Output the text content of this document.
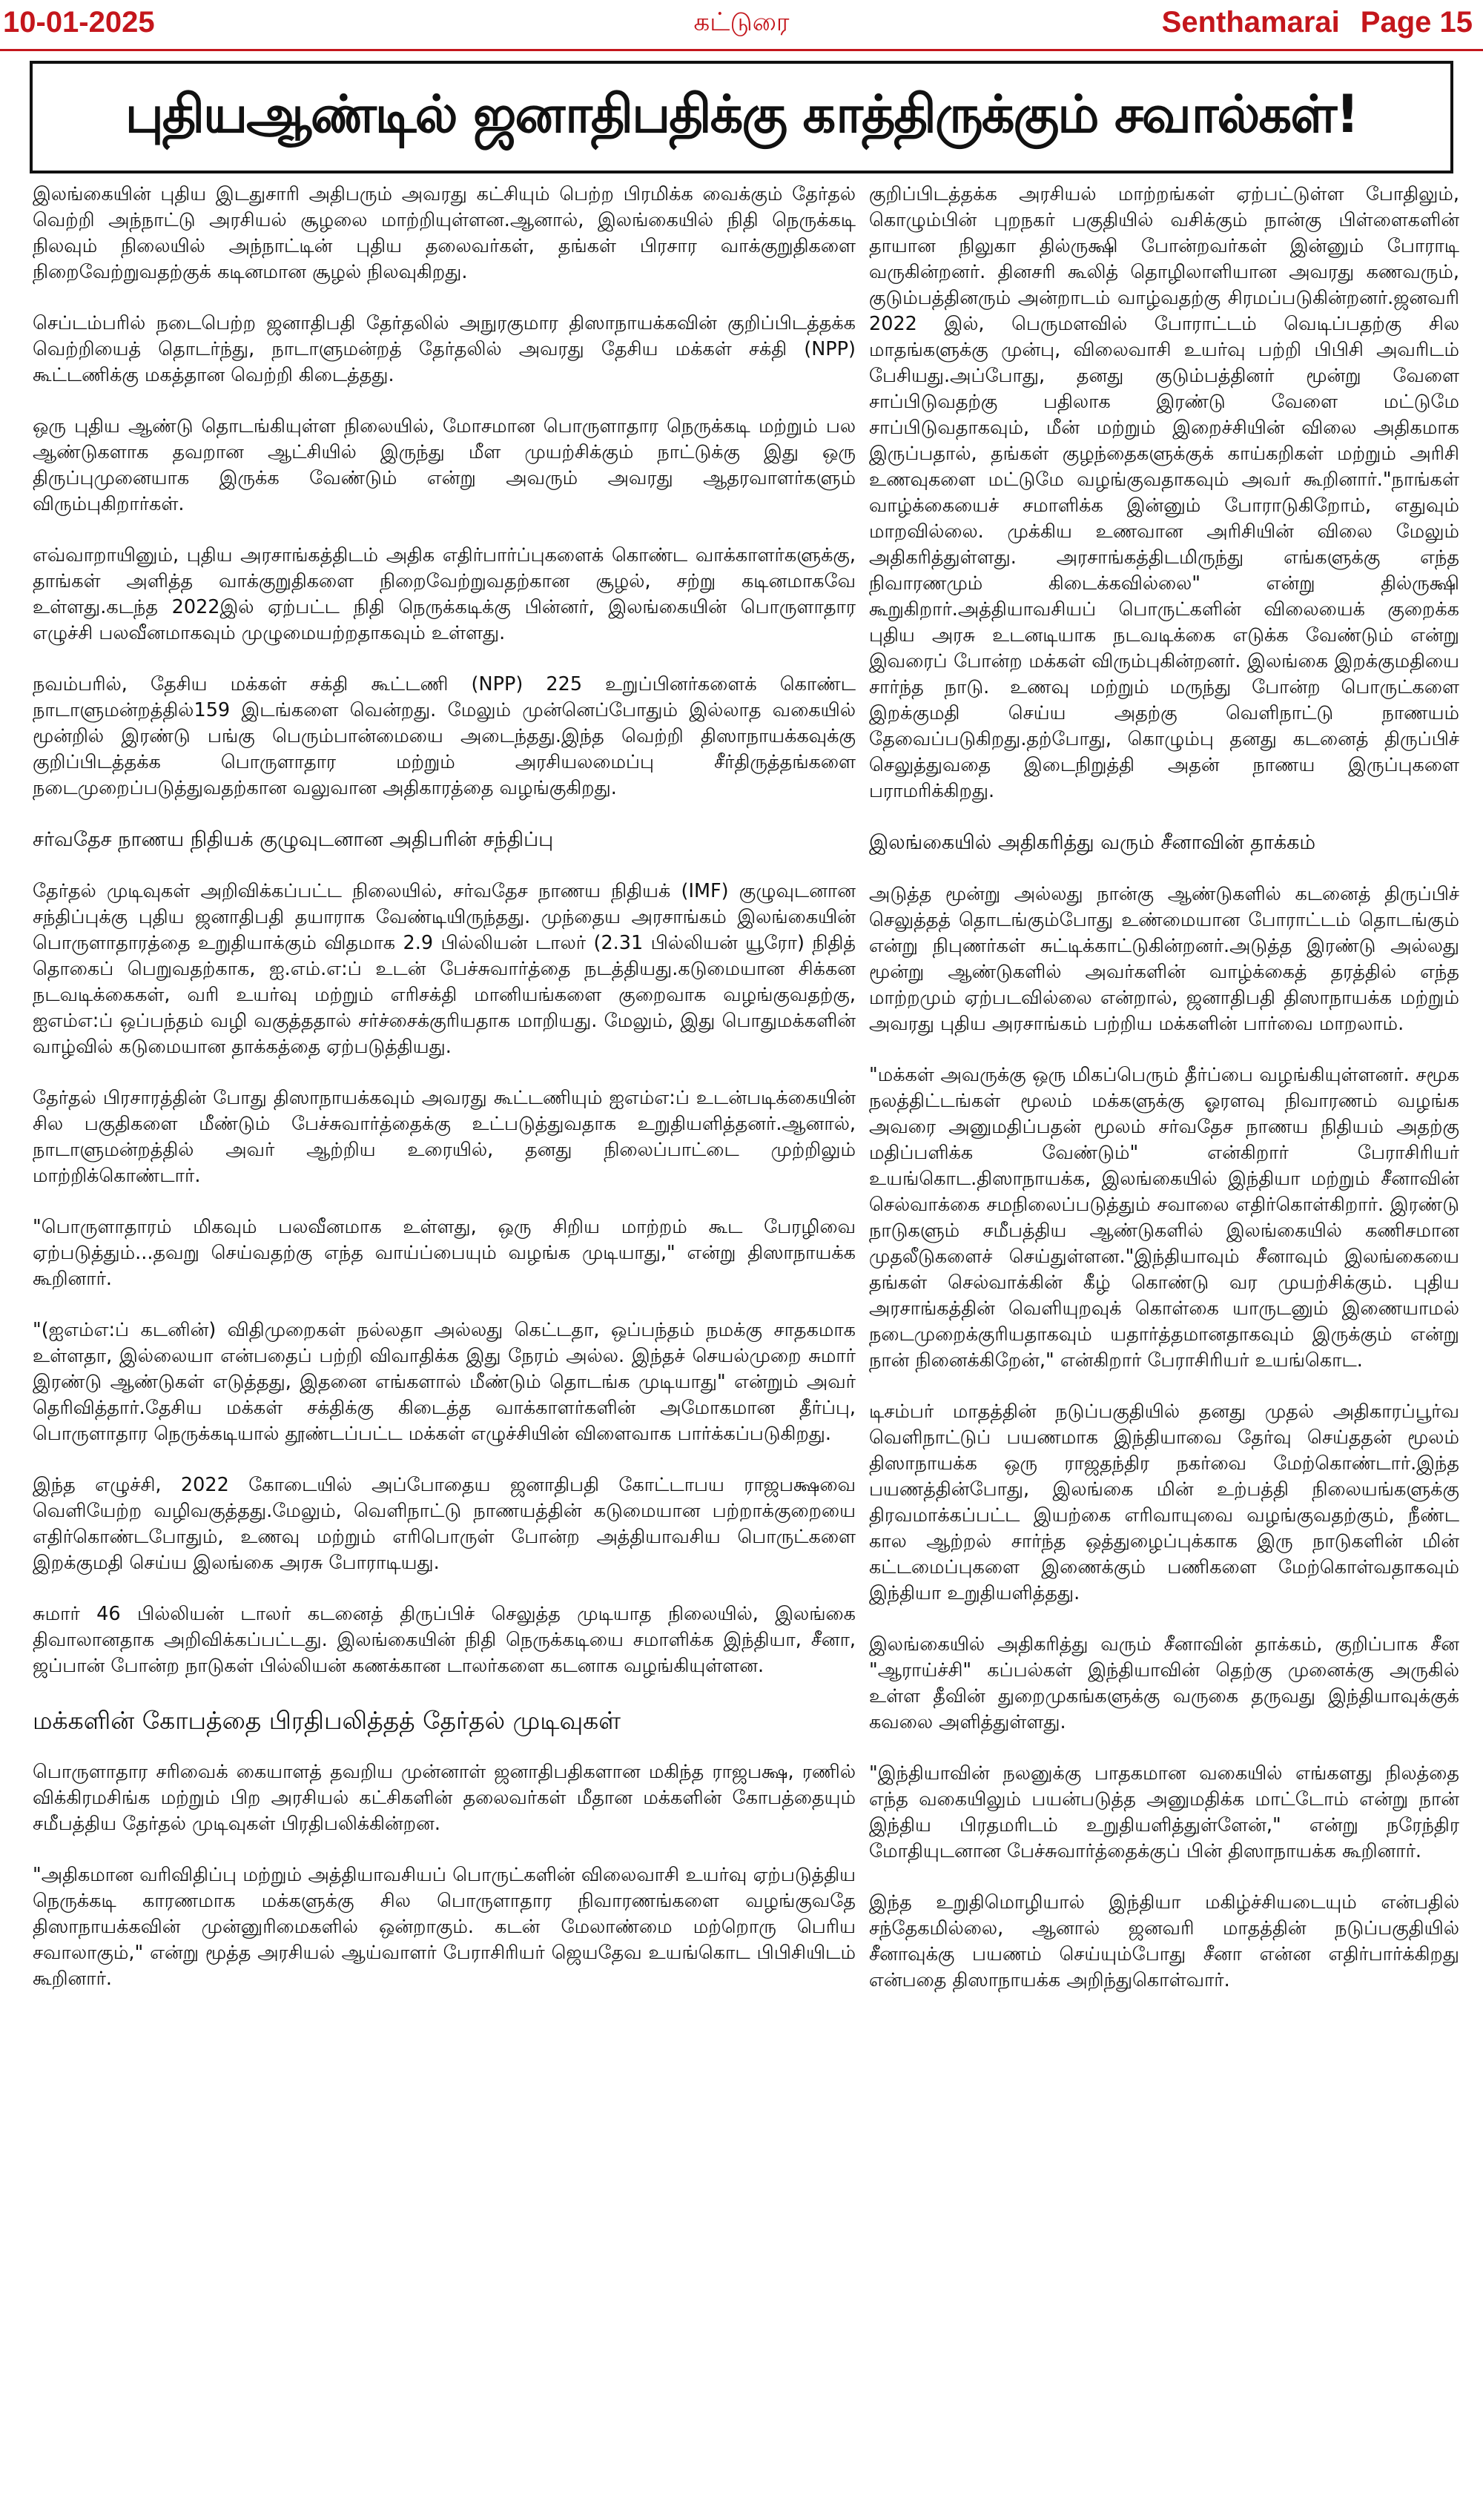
10-01-2025	கட்டுரை	Senthamarai Page 15
புதியஆண்டில் ஜனாதிபதிக்கு காத்திருக்கும் சவால்கள்!

இலங்கையின் புதிய இடதுசாரி அதிபரும் அவரது கட்சியும் பெற்ற பிரமிக்க வைக்கும் தேர்தல் வெற்றி அந்நாட்டு அரசியல் சூழலை மாற்றியுள்ளன.ஆனால், இலங்கையில் நிதி நெருக்கடி நிலவும் நிலையில் அந்நாட்டின் புதிய தலைவர்கள், தங்கள் பிரசார வாக்குறுதிகளை நிறைவேற்றுவதற்குக் கடினமான சூழல் நிலவுகிறது.

செப்டம்பரில் நடைபெற்ற ஜனாதிபதி தேர்தலில் அநுரகுமார திஸாநாயக்கவின் குறிப்பிடத்தக்க வெற்றியைத் தொடர்ந்து, நாடாளுமன்றத் தேர்தலில் அவரது தேசிய மக்கள் சக்தி (NPP) கூட்டணிக்கு மகத்தான வெற்றி கிடைத்தது.

ஒரு புதிய ஆண்டு தொடங்கியுள்ள நிலையில், மோசமான பொருளாதார நெருக்கடி மற்றும் பல ஆண்டுகளாக தவறான ஆட்சியில் இருந்து மீள முயற்சிக்கும் நாட்டுக்கு இது ஒரு திருப்புமுனையாக இருக்க வேண்டும் என்று அவரும் அவரது ஆதரவாளர்களும் விரும்புகிறார்கள்.

எவ்வாறாயினும், புதிய அரசாங்கத்திடம் அதிக எதிர்பார்ப்புகளைக் கொண்ட வாக்காளர்களுக்கு, தாங்கள் அளித்த வாக்குறுதிகளை நிறைவேற்றுவதற்கான சூழல், சற்று கடினமாகவே உள்ளது.கடந்த 2022இல் ஏற்பட்ட நிதி நெருக்கடிக்கு பின்னர், இலங்கையின் பொருளாதார எழுச்சி பலவீனமாகவும் முழுமையற்றதாகவும் உள்ளது.

நவம்பரில், தேசிய மக்கள் சக்தி கூட்டணி (NPP) 225 உறுப்பினர்களைக் கொண்ட நாடாளுமன்றத்தில்159 இடங்களை வென்றது. மேலும் முன்னெப்போதும் இல்லாத வகையில் மூன்றில் இரண்டு பங்கு பெரும்பான்மையை அடைந்தது.இந்த வெற்றி திஸாநாயக்கவுக்கு குறிப்பிடத்தக்க பொருளாதார மற்றும் அரசியலமைப்பு சீர்திருத்தங்களை நடைமுறைப்படுத்துவதற்கான வலுவான அதிகாரத்தை வழங்குகிறது.

சர்வதேச நாணய நிதியக் குழுவுடனான அதிபரின் சந்திப்பு

தேர்தல் முடிவுகள் அறிவிக்கப்பட்ட நிலையில், சர்வதேச நாணய நிதியக் (IMF) குழுவுடனான சந்திப்புக்கு புதிய ஜனாதிபதி தயாராக வேண்டியிருந்தது. முந்தைய அரசாங்கம் இலங்கையின் பொருளாதாரத்தை உறுதியாக்கும் விதமாக 2.9 பில்லியன் டாலர் (2.31 பில்லியன் யூரோ) நிதித் தொகைப் பெறுவதற்காக, ஐ.எம்.எ:ப் உடன் பேச்சுவார்த்தை நடத்தியது.கடுமையான சிக்கன நடவடிக்கைகள், வரி உயர்வு மற்றும் எரிசக்தி மானியங்களை குறைவாக வழங்குவதற்கு, ஐஎம்எ:ப் ஒப்பந்தம் வழி வகுத்ததால் சர்ச்சைக்குரியதாக மாறியது. மேலும், இது பொதுமக்களின் வாழ்வில் கடுமையான தாக்கத்தை ஏற்படுத்தியது.

தேர்தல் பிரசாரத்தின் போது திஸாநாயக்கவும் அவரது கூட்டணியும் ஐஎம்எ:ப் உடன்படிக்கையின் சில பகுதிகளை மீண்டும் பேச்சுவார்த்தைக்கு உட்படுத்துவதாக உறுதியளித்தனர்.ஆனால், நாடாளுமன்றத்தில் அவர் ஆற்றிய உரையில், தனது நிலைப்பாட்டை முற்றிலும் மாற்றிக்கொண்டார்.

"பொருளாதாரம் மிகவும் பலவீனமாக உள்ளது, ஒரு சிறிய மாற்றம் கூட பேரழிவை ஏற்படுத்தும்...தவறு செய்வதற்கு எந்த வாய்ப்பையும் வழங்க முடியாது," என்று திஸாநாயக்க கூறினார்.

"(ஐஎம்எ:ப் கடனின்) விதிமுறைகள் நல்லதா அல்லது கெட்டதா, ஒப்பந்தம் நமக்கு சாதகமாக உள்ளதா, இல்லையா என்பதைப் பற்றி விவாதிக்க இது நேரம் அல்ல. இந்தச் செயல்முறை சுமார் இரண்டு ஆண்டுகள் எடுத்தது, இதனை எங்களால் மீண்டும் தொடங்க முடியாது" என்றும் அவர் தெரிவித்தார்.தேசிய மக்கள் சக்திக்கு கிடைத்த வாக்காளர்களின் அமோகமான தீர்ப்பு, பொருளாதார நெருக்கடியால் தூண்டப்பட்ட மக்கள் எழுச்சியின் விளைவாக பார்க்கப்படுகிறது.

இந்த எழுச்சி, 2022 கோடையில் அப்போதைய ஜனாதிபதி கோட்டாபய ராஜபக்ஷவை வெளியேற்ற வழிவகுத்தது.மேலும், வெளிநாட்டு நாணயத்தின் கடுமையான பற்றாக்குறையை எதிர்கொண்டபோதும், உணவு மற்றும் எரிபொருள் போன்ற அத்தியாவசிய பொருட்களை இறக்குமதி செய்ய இலங்கை அரசு போராடியது.

சுமார் 46 பில்லியன் டாலர் கடனைத் திருப்பிச் செலுத்த முடியாத நிலையில், இலங்கை திவாலானதாக அறிவிக்கப்பட்டது. இலங்கையின் நிதி நெருக்கடியை சமாளிக்க இந்தியா, சீனா, ஜப்பான் போன்ற நாடுகள் பில்லியன் கணக்கான டாலர்களை கடனாக வழங்கியுள்ளன.

மக்களின் கோபத்தை பிரதிபலித்தத் தேர்தல் முடிவுகள்

பொருளாதார சரிவைக் கையாளத் தவறிய முன்னாள் ஜனாதிபதிகளான மகிந்த ராஜபக்ஷ, ரணில் விக்கிரமசிங்க மற்றும் பிற அரசியல் கட்சிகளின் தலைவர்கள் மீதான மக்களின் கோபத்தையும் சமீபத்திய தேர்தல் முடிவுகள் பிரதிபலிக்கின்றன.

"அதிகமான வரிவிதிப்பு மற்றும் அத்தியாவசியப் பொருட்களின் விலைவாசி உயர்வு ஏற்படுத்திய நெருக்கடி காரணமாக மக்களுக்கு சில பொருளாதார நிவாரணங்களை வழங்குவதே திஸாநாயக்கவின் முன்னுரிமைகளில் ஒன்றாகும். கடன் மேலாண்மை மற்றொரு பெரிய சவாலாகும்," என்று மூத்த அரசியல் ஆய்வாளர் பேராசிரியர் ஜெயதேவ உயங்கொட பிபிசியிடம் கூறினார்.

குறிப்பிடத்தக்க அரசியல் மாற்றங்கள் ஏற்பட்டுள்ள போதிலும், கொழும்பின் புறநகர் பகுதியில் வசிக்கும் நான்கு பிள்ளைகளின் தாயான நிலுகா தில்ருக்ஷி போன்றவர்கள் இன்னும் போராடி வருகின்றனர். தினசரி கூலித் தொழிலாளியான அவரது கணவரும், குடும்பத்தினரும் அன்றாடம் வாழ்வதற்கு சிரமப்படுகின்றனர்.ஜனவரி 2022 இல், பெருமளவில் போராட்டம் வெடிப்பதற்கு சில மாதங்களுக்கு முன்பு, விலைவாசி உயர்வு பற்றி பிபிசி அவரிடம் பேசியது.அப்போது, தனது குடும்பத்தினர் மூன்று வேளை சாப்பிடுவதற்கு பதிலாக இரண்டு வேளை மட்டுமே சாப்பிடுவதாகவும், மீன் மற்றும் இறைச்சியின் விலை அதிகமாக இருப்பதால், தங்கள் குழந்தைகளுக்குக் காய்கறிகள் மற்றும் அரிசி உணவுகளை மட்டுமே வழங்குவதாகவும் அவர் கூறினார்."நாங்கள் வாழ்க்கையைச் சமாளிக்க இன்னும் போராடுகிறோம், எதுவும் மாறவில்லை. முக்கிய உணவான அரிசியின் விலை மேலும் அதிகரித்துள்ளது. அரசாங்கத்திடமிருந்து எங்களுக்கு எந்த நிவாரணமும் கிடைக்கவில்லை" என்று தில்ருக்ஷி கூறுகிறார்.அத்தியாவசியப் பொருட்களின் விலையைக் குறைக்க புதிய அரசு உடனடியாக நடவடிக்கை எடுக்க வேண்டும் என்று இவரைப் போன்ற மக்கள் விரும்புகின்றனர். இலங்கை இறக்குமதியை சார்ந்த நாடு. உணவு மற்றும் மருந்து போன்ற பொருட்களை இறக்குமதி செய்ய அதற்கு வெளிநாட்டு நாணயம் தேவைப்படுகிறது.தற்போது, கொழும்பு தனது கடனைத் திருப்பிச் செலுத்துவதை இடைநிறுத்தி அதன் நாணய இருப்புகளை பராமரிக்கிறது.

இலங்கையில் அதிகரித்து வரும் சீனாவின் தாக்கம்

அடுத்த மூன்று அல்லது நான்கு ஆண்டுகளில் கடனைத் திருப்பிச் செலுத்தத் தொடங்கும்போது உண்மையான போராட்டம் தொடங்கும் என்று நிபுணர்கள் சுட்டிக்காட்டுகின்றனர்.அடுத்த இரண்டு அல்லது மூன்று ஆண்டுகளில் அவர்களின் வாழ்க்கைத் தரத்தில் எந்த மாற்றமும் ஏற்படவில்லை என்றால், ஜனாதிபதி திஸாநாயக்க மற்றும் அவரது புதிய அரசாங்கம் பற்றிய மக்களின் பார்வை மாறலாம்.

"மக்கள் அவருக்கு ஒரு மிகப்பெரும் தீர்ப்பை வழங்கியுள்ளனர். சமூக நலத்திட்டங்கள் மூலம் மக்களுக்கு ஓரளவு நிவாரணம் வழங்க அவரை அனுமதிப்பதன் மூலம் சர்வதேச நாணய நிதியம் அதற்கு மதிப்பளிக்க வேண்டும்" என்கிறார் பேராசிரியர் உயங்கொட.திஸாநாயக்க, இலங்கையில் இந்தியா மற்றும் சீனாவின் செல்வாக்கை சமநிலைப்படுத்தும் சவாலை எதிர்கொள்கிறார். இரண்டு நாடுகளும் சமீபத்திய ஆண்டுகளில் இலங்கையில் கணிசமான முதலீடுகளைச் செய்துள்ளன."இந்தியாவும் சீனாவும் இலங்கையை தங்கள் செல்வாக்கின் கீழ் கொண்டு வர முயற்சிக்கும். புதிய அரசாங்கத்தின் வெளியுறவுக் கொள்கை யாருடனும் இணையாமல் நடைமுறைக்குரியதாகவும் யதார்த்தமானதாகவும் இருக்கும் என்று நான் நினைக்கிறேன்," என்கிறார் பேராசிரியர் உயங்கொட.

டிசம்பர் மாதத்தின் நடுப்பகுதியில் தனது முதல் அதிகாரப்பூர்வ வெளிநாட்டுப் பயணமாக இந்தியாவை தேர்வு செய்ததன் மூலம் திஸாநாயக்க ஒரு ராஜதந்திர நகர்வை மேற்கொண்டார்.இந்த பயணத்தின்போது, இலங்கை மின் உற்பத்தி நிலையங்களுக்கு திரவமாக்கப்பட்ட இயற்கை எரிவாயுவை வழங்குவதற்கும், நீண்ட கால ஆற்றல் சார்ந்த ஒத்துழைப்புக்காக இரு நாடுகளின் மின் கட்டமைப்புகளை இணைக்கும் பணிகளை மேற்கொள்வதாகவும் இந்தியா உறுதியளித்தது.

இலங்கையில் அதிகரித்து வரும் சீனாவின் தாக்கம், குறிப்பாக சீன "ஆராய்ச்சி" கப்பல்கள் இந்தியாவின் தெற்கு முனைக்கு அருகில் உள்ள தீவின் துறைமுகங்களுக்கு வருகை தருவது இந்தியாவுக்குக் கவலை அளித்துள்ளது.

"இந்தியாவின் நலனுக்கு பாதகமான வகையில் எங்களது நிலத்தை எந்த வகையிலும் பயன்படுத்த அனுமதிக்க மாட்டோம் என்று நான் இந்திய பிரதமரிடம் உறுதியளித்துள்ளேன்," என்று நரேந்திர மோதியுடனான பேச்சுவார்த்தைக்குப் பின் திஸாநாயக்க கூறினார்.

இந்த உறுதிமொழியால் இந்தியா மகிழ்ச்சியடையும் என்பதில் சந்தேகமில்லை, ஆனால் ஜனவரி மாதத்தின் நடுப்பகுதியில் சீனாவுக்கு பயணம் செய்யும்போது சீனா என்ன எதிர்பார்க்கிறது என்பதை திஸாநாயக்க அறிந்துகொள்வார்.
